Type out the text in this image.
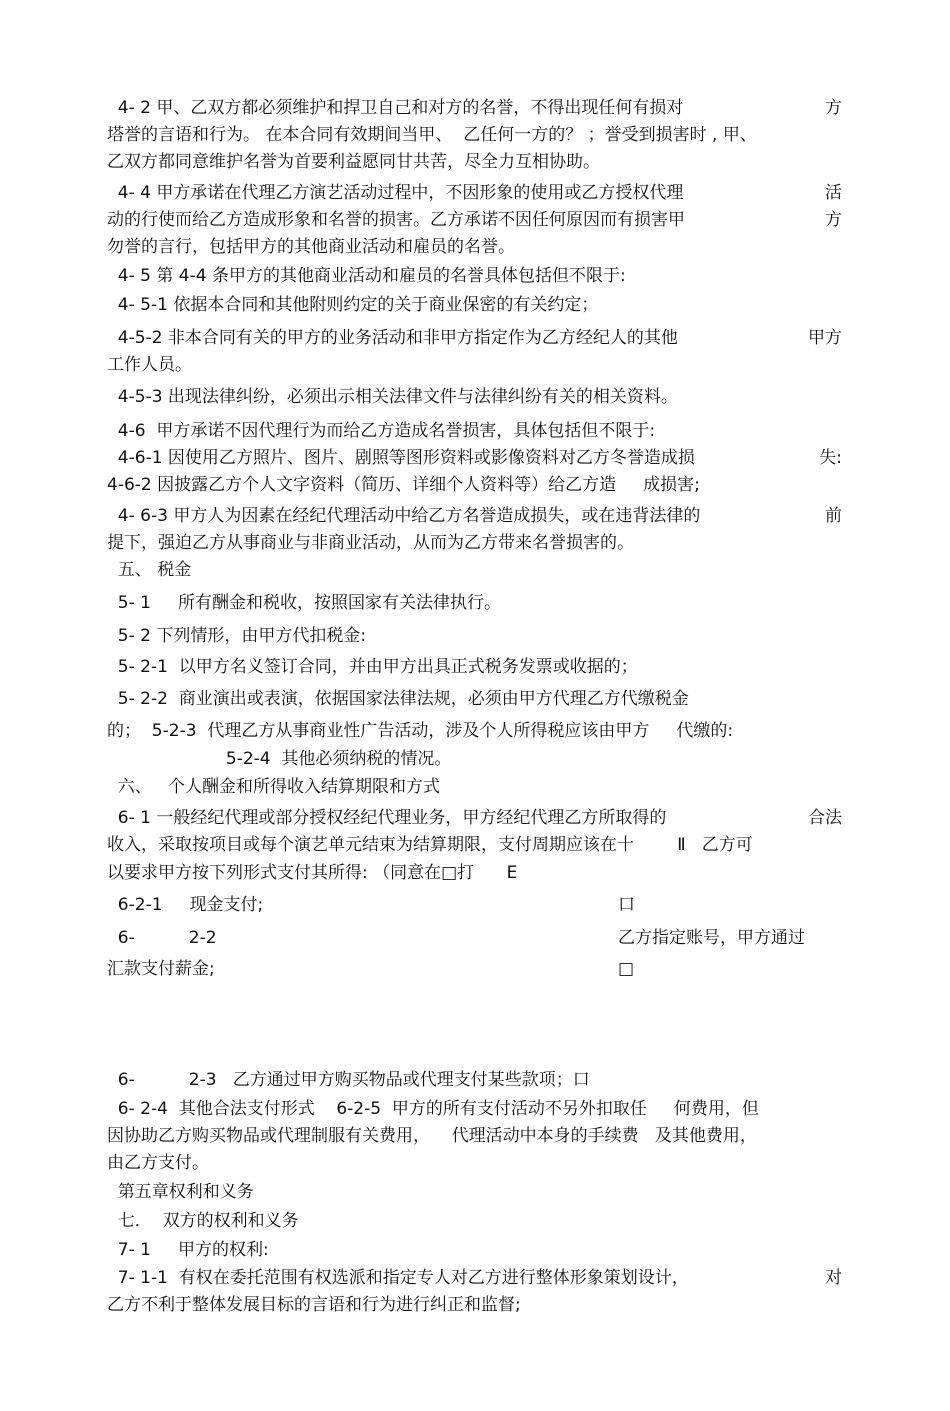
4- 2 甲、乙双方都必须维护和捍卫自己和对方的名誉，不得出现任何有损对	方
塔誉的言语和行为。 在本合同有效期间当甲、  乙任何一方的？ ；誉受到损害时 , 甲、
乙双方都同意维护名誉为首要利益愿同甘共苦，尽全力互相协助。
4- 4 甲方承诺在代理乙方演艺活动过程中，不因形象的使用或乙方授权代理	活
动的行使而给乙方造成形象和名誉的损害。乙方承诺不因任何原因而有损害甲	方
勿誉的言行，包括甲方的其他商业活动和雇员的名誉。
4- 5 第 4-4 条甲方的其他商业活动和雇员的名誉具体包括但不限于:
4- 5-1 依据本合同和其他附则约定的关于商业保密的有关约定；
4-5-2 非本合同有关的甲方的业务活动和非甲方指定作为乙方经纪人的其他	甲方
工作人员。
4-5-3 出现法律纠纷，必须出示相关法律文件与法律纠纷有关的相关资料。
4-6  甲方承诺不因代理行为而给乙方造成名誉损害，具体包括但不限于:
4-6-1 因使用乙方照片、图片、剧照等图形资料或影像资料对乙方冬誉造成损	失:
4-6-2 因披露乙方个人文字资料（简历、详细个人资料等）给乙方造     成损害;
4- 6-3 甲方人为因素在经纪代理活动中给乙方名誉造成损失，或在违背法律的	前
提下，强迫乙方从事商业与非商业活动，从而为乙方带来名誉损害的。
五、 税金
5- 1     所有酬金和税收，按照国家有关法律执行。
5- 2 下列情形，由甲方代扣税金:
5- 2-1  以甲方名义签订合同，并由甲方出具正式税务发票或收据的；
5- 2-2  商业演出或表演，依据国家法律法规，必须由甲方代理乙方代缴税金
的；  5-2-3  代理乙方从事商业性广告活动，涉及个人所得税应该由甲方     代缴的:
5-2-4  其他必须纳税的情况。
六、   个人酬金和所得收入结算期限和方式
6- 1 一般经纪代理或部分授权经纪代理业务，甲方经纪代理乙方所取得的	合法
收入，采取按项目或每个演艺单元结束为结算期限，支付周期应该在十        Ⅱ   乙方可
以要求甲方按下列形式支付其所得: （同意在□打      E
6-2-1     现金支付;	口
6-          2-2	乙方指定账号，甲方通过
汇款支付薪金;	□
6-          2-3   乙方通过甲方购买物品或代理支付某些款项；口
6- 2-4  其他合法支付形式    6-2-5  甲方的所有支付活动不另外扣取任     何费用，但
因协助乙方购买物品或代理制服有关费用，    代理活动中本身的手续费   及其他费用，
由乙方支付。
第五章权利和义务
七．  双方的权利和义务
7- 1     甲方的权利:
7- 1-1  有权在委托范围有权选派和指定专人对乙方进行整体形象策划设计，	对
乙方不利于整体发展目标的言语和行为进行纠正和监督;
